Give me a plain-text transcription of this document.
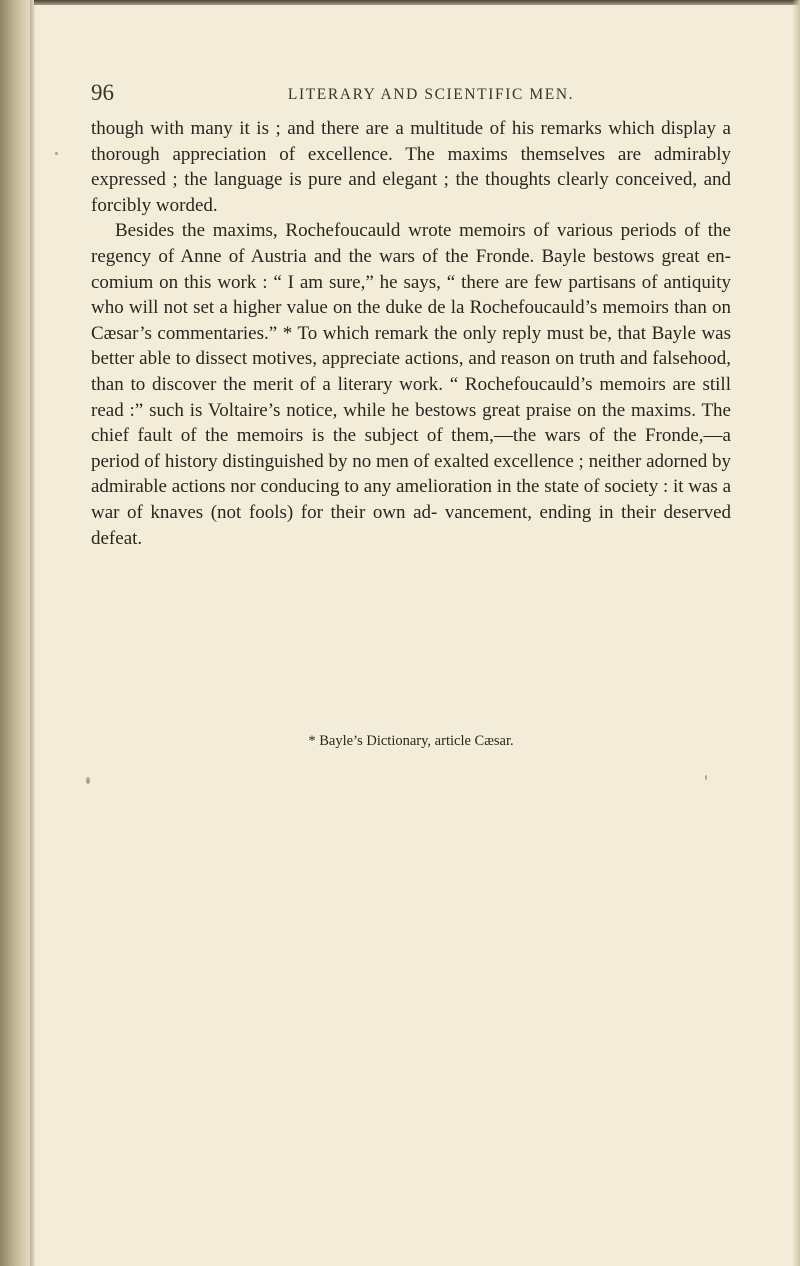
96	LITERARY AND SCIENTIFIC MEN.

though with many it is ; and there are a multitude of his remarks which display a thorough appreciation of excellence. The maxims themselves are admirably expressed ; the language is pure and elegant ; the thoughts clearly conceived, and forcibly worded.

Besides the maxims, Rochefoucauld wrote memoirs of various periods of the regency of Anne of Austria and the wars of the Fronde. Bayle bestows great en- comium on this work : “ I am sure,” he says, “ there are few partisans of antiquity who will not set a higher value on the duke de la Rochefoucauld’s memoirs than on Cæsar’s commentaries.” * To which remark the only reply must be, that Bayle was better able to dissect motives, appreciate actions, and reason on truth and falsehood, than to discover the merit of a literary work. “ Rochefoucauld’s memoirs are still read :” such is Voltaire’s notice, while he bestows great praise on the maxims. The chief fault of the memoirs is the subject of them,—the wars of the Fronde,—a period of history distinguished by no men of exalted excellence ; neither adorned by admirable actions nor conducing to any amelioration in the state of society : it was a war of knaves (not fools) for their own ad- vancement, ending in their deserved defeat.

* Bayle’s Dictionary, article Cæsar.
